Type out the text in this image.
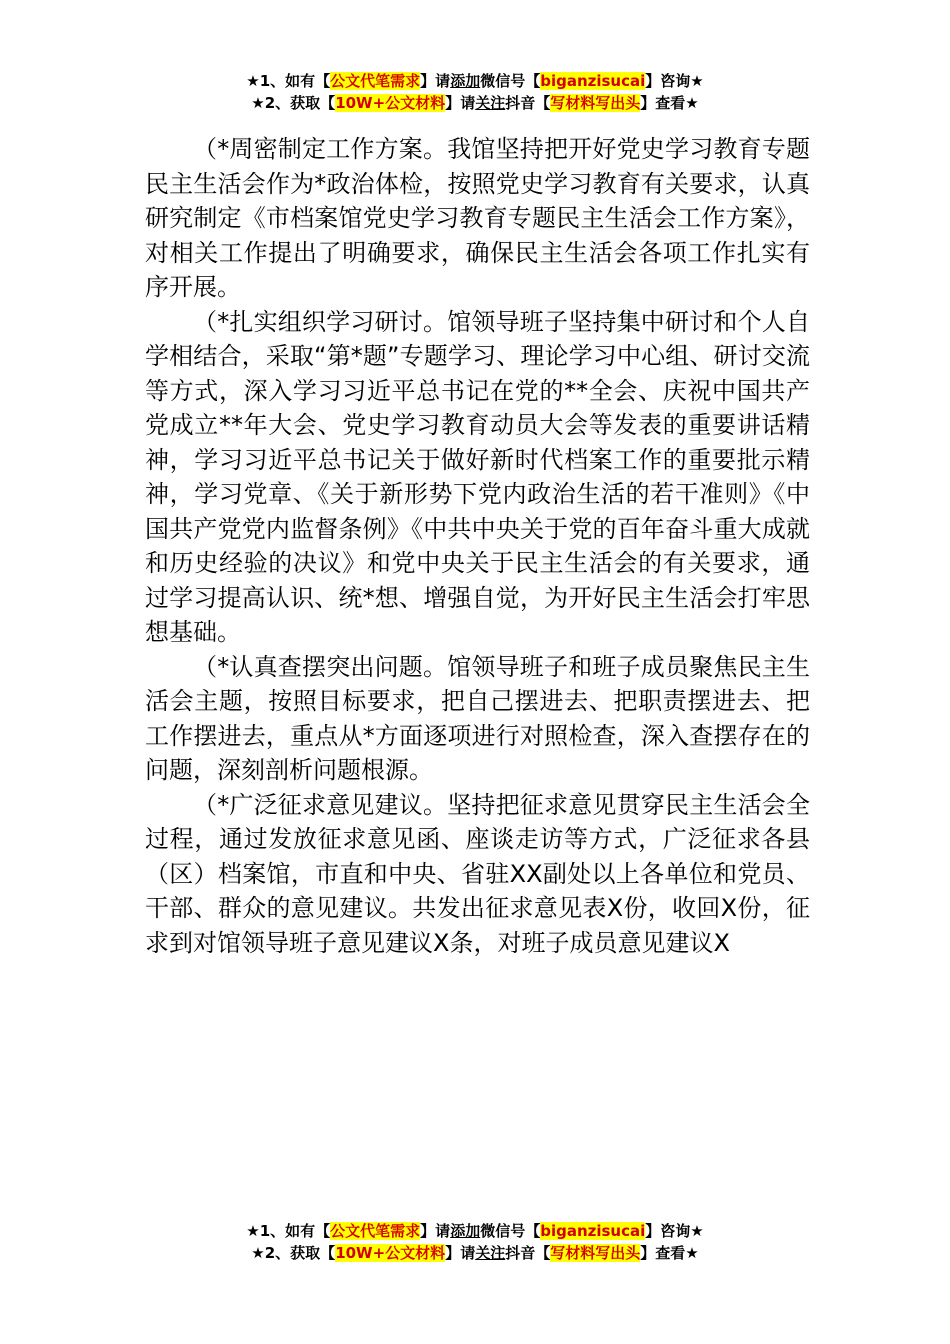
★1、如有【公文代笔需求】请添加微信号【biganzisucai】咨询★
★2、获取【10W+公文材料】请关注抖音【写材料写出头】查看★

（*周密制定工作方案。我馆坚持把开好党史学习教育专题民主生活会作为*政治体检，按照党史学习教育有关要求，认真研究制定《市档案馆党史学习教育专题民主生活会工作方案》，对相关工作提出了明确要求，确保民主生活会各项工作扎实有序开展。

（*扎实组织学习研讨。馆领导班子坚持集中研讨和个人自学相结合，采取“第*题”专题学习、理论学习中心组、研讨交流等方式，深入学习习近平总书记在党的**全会、庆祝中国共产党成立**年大会、党史学习教育动员大会等发表的重要讲话精神，学习习近平总书记关于做好新时代档案工作的重要批示精神，学习党章、《关于新形势下党内政治生活的若干准则》《中国共产党党内监督条例》《中共中央关于党的百年奋斗重大成就和历史经验的决议》和党中央关于民主生活会的有关要求，通过学习提高认识、统*想、增强自觉，为开好民主生活会打牢思想基础。

（*认真查摆突出问题。馆领导班子和班子成员聚焦民主生活会主题，按照目标要求，把自己摆进去、把职责摆进去、把工作摆进去，重点从*方面逐项进行对照检查，深入查摆存在的问题，深刻剖析问题根源。

（*广泛征求意见建议。坚持把征求意见贯穿民主生活会全过程，通过发放征求意见函、座谈走访等方式，广泛征求各县（区）档案馆，市直和中央、省驻XX副处以上各单位和党员、干部、群众的意见建议。共发出征求意见表X份，收回X份，征求到对馆领导班子意见建议X条，对班子成员意见建议X

★1、如有【公文代笔需求】请添加微信号【biganzisucai】咨询★
★2、获取【10W+公文材料】请关注抖音【写材料写出头】查看★
